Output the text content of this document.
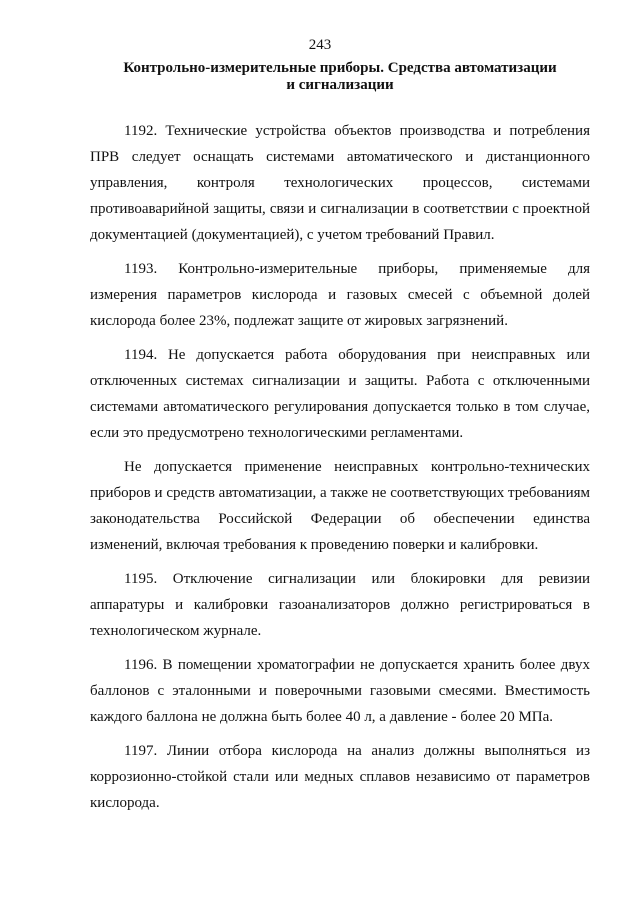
243
Контрольно-измерительные приборы. Средства автоматизации
и сигнализации

1192. Технические устройства объектов производства и потребления ПРВ следует оснащать системами автоматического и дистанционного управления, контроля технологических процессов, системами противоаварийной защиты, связи и сигнализации в соответствии с проектной документацией (документацией), с учетом требований Правил.

1193. Контрольно-измерительные приборы, применяемые для измерения параметров кислорода и газовых смесей с объемной долей кислорода более 23%, подлежат защите от жировых загрязнений.

1194. Не допускается работа оборудования при неисправных или отключенных системах сигнализации и защиты. Работа с отключенными системами автоматического регулирования допускается только в том случае, если это предусмотрено технологическими регламентами.

Не допускается применение неисправных контрольно-технических приборов и средств автоматизации, а также не соответствующих требованиям законодательства Российской Федерации об обеспечении единства изменений, включая требования к проведению поверки и калибровки.

1195. Отключение сигнализации или блокировки для ревизии аппаратуры и калибровки газоанализаторов должно регистрироваться в технологическом журнале.

1196. В помещении хроматографии не допускается хранить более двух баллонов с эталонными и поверочными газовыми смесями. Вместимость каждого баллона не должна быть более 40 л, а давление - более 20 МПа.

1197. Линии отбора кислорода на анализ должны выполняться из коррозионно-стойкой стали или медных сплавов независимо от параметров кислорода.
